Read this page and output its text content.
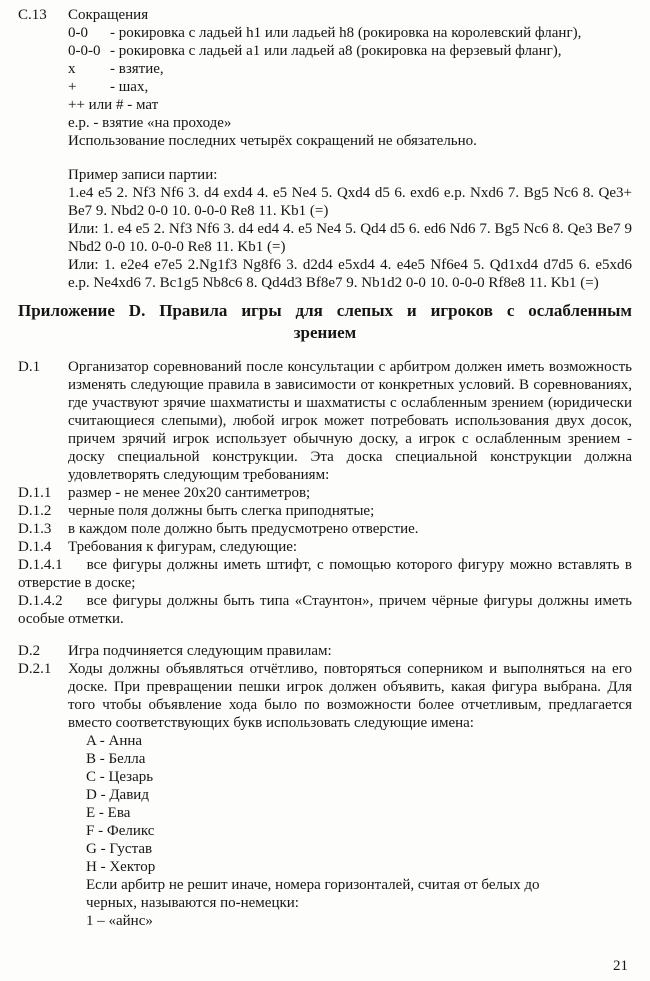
C.13	Сокращения
0-0	- рокировка с ладьей h1 или ладьей h8 (рокировка на королевский фланг),
0-0-0 - рокировка с ладьей a1 или ладьей a8 (рокировка на ферзевый фланг),
x	- взятие,
+	- шах,
++ или # - мат
e.p. - взятие «на проходе»
Использование последних четырёх сокращений не обязательно.
Пример записи партии:

1.e4 e5 2. Nf3 Nf6 3. d4 exd4 4. e5 Ne4 5. Qxd4 d5 6. exd6 e.p. Nxd6 7. Bg5 Nc6 8. Qe3+ Be7 9. Nbd2 0-0 10. 0-0-0 Re8 11. Kb1 (=)

Или: 1. e4 e5 2. Nf3 Nf6 3. d4 ed4 4. e5 Ne4 5. Qd4 d5 6. ed6 Nd6 7. Bg5 Nc6 8. Qe3 Be7 9 Nbd2 0-0 10. 0-0-0 Re8 11. Kb1 (=)

Или: 1. e2e4 e7e5 2.Ng1f3 Ng8f6 3. d2d4 e5xd4 4. e4e5 Nf6e4 5. Qd1xd4 d7d5 6. e5xd6 e.p. Ne4xd6 7. Bc1g5 Nb8c6 8. Qd4d3 Bf8e7 9. Nb1d2 0-0 10. 0-0-0 Rf8e8 11. Kb1 (=)

Приложение D. Правила игры для слепых и игроков с ослабленным
зрением
D.1	Организатор соревнований после консультации с арбитром должен иметь возможность изменять следующие правила в зависимости от конкретных условий. В соревнованиях, где участвуют зрячие шахматисты и шахматисты с ослабленным зрением (юридически считающиеся слепыми), любой игрок может потребовать использования двух досок, причем зрячий игрок использует обычную доску, а игрок с ослабленным зрением - доску специальной конструкции. Эта доска специальной конструкции должна удовлетворять следующим требованиям:
D.1.1	размер - не менее 20x20 сантиметров;
D.1.2	черные поля должны быть слегка приподнятые;
D.1.3	в каждом поле должно быть предусмотрено отверстие.
D.1.4	Требования к фигурам, следующие:

D.1.4.1 все фигуры должны иметь штифт, с помощью которого фигуру можно вставлять в отверстие в доске;

D.1.4.2 все фигуры должны быть типа «Стаунтон», причем чёрные фигуры должны иметь особые отметки.

D.2	Игра подчиняется следующим правилам:
D.2.1	Ходы должны объявляться отчётливо, повторяться соперником и выполняться на его доске. При превращении пешки игрок должен объявить, какая фигура выбрана. Для того чтобы объявление хода было по возможности более отчетливым, предлагается вместо соответствующих букв использовать следующие имена:
A - Анна
B - Белла
C - Цезарь
D - Давид
E - Ева
F - Феликс
G - Густав
H - Хектор
Если арбитр не решит иначе, номера горизонталей, считая от белых до
черных, называются по-немецки:
1 – «айнс»
21
